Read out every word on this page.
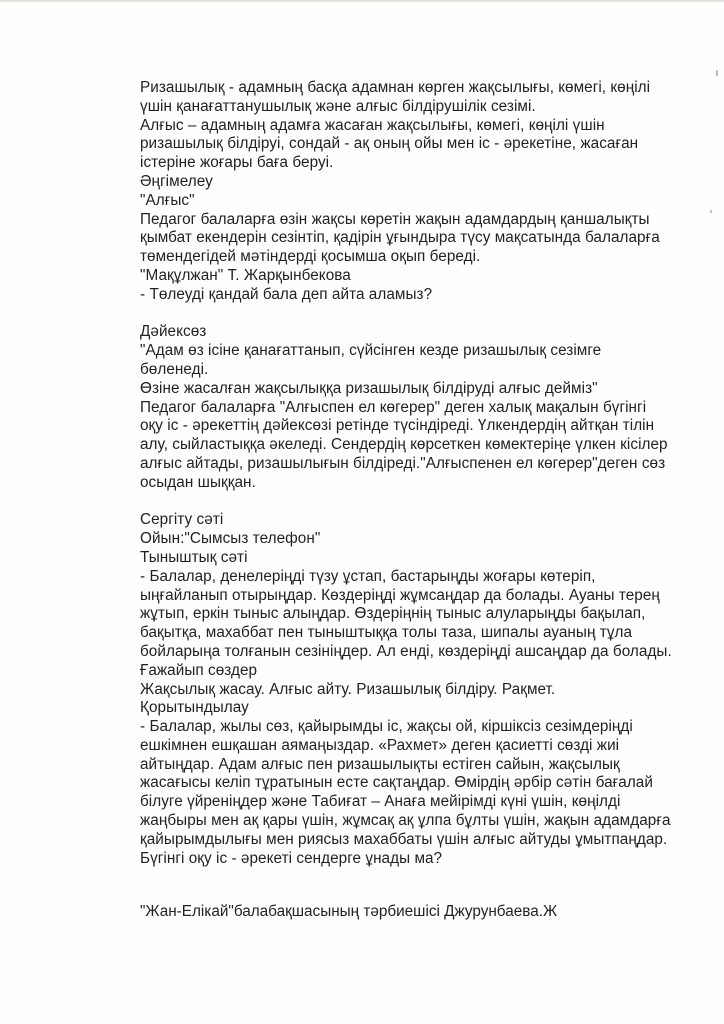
Ризашылық - адамның басқа адамнан көрген жақсылығы, көмегі, көңілі
үшін қанағаттанушылық және алғыс білдірушілік сезімі.
Алғыс – адамның адамға жасаған жақсылығы, көмегі, көңілі үшін
ризашылық білдіруі, сондай - ақ оның ойы мен іс - әрекетіне, жасаған
істеріне жоғары баға беруі.
Әңгімелеу
"Алғыс"
Педагог балаларға өзін жақсы көретін жақын адамдардың қаншалықты
қымбат екендерін сезінтіп, қадірін ұғындыра түсу мақсатында балаларға
төмендегідей мәтіндерді қосымша оқып береді.
"Мақұлжан" Т. Жарқынбекова
- Төлеуді қандай бала деп айта аламыз?
Дәйексөз
"Адам өз ісіне қанағаттанып, сүйсінген кезде ризашылық сезімге
бөленеді.
Өзіне жасалған жақсылыққа ризашылық білдіруді алғыс дейміз"
Педагог балаларға "Алғыспен ел көгерер" деген халық мақалын бүгінгі
оқу іс - әрекеттің дәйексөзі ретінде түсіндіреді. Үлкендердің айтқан тілін
алу, сыйластыққа әкеледі. Сендердің көрсеткен көмектеріңе үлкен кісілер
алғыс айтады, ризашылығын білдіреді."Алғыспенен ел көгерер"деген сөз
осыдан шыққан.
Сергіту сәті
Ойын:"Сымсыз телефон"
Тыныштық сәті
- Балалар, денелеріңді түзу ұстап, бастарыңды жоғары көтеріп,
ыңғайланып отырыңдар. Көздеріңді жұмсаңдар да болады. Ауаны терең
жұтып, еркін тыныс алыңдар. Өздеріңнің тыныс алуларыңды бақылап,
бақытқа, махаббат пен тыныштыққа толы таза, шипалы ауаның тұла
бойларыңа толғанын сезініңдер. Ал енді, көздеріңді ашсаңдар да болады.
Ғажайып сөздер
Жақсылық жасау. Алғыс айту. Ризашылық білдіру. Рақмет.
Қорытындылау
- Балалар, жылы сөз, қайырымды іс, жақсы ой, кіршіксіз сезімдеріңді
ешкімнен ешқашан аямаңыздар. «Рахмет» деген қасиетті сөзді жиі
айтыңдар. Адам алғыс пен ризашылықты естіген сайын, жақсылық
жасағысы келіп тұратынын есте сақтаңдар. Өмірдің әрбір сәтін бағалай
білуге үйреніңдер және Табиғат – Анаға мейірімді күні үшін, көңілді
жаңбыры мен ақ қары үшін, жұмсақ ақ ұлпа бұлты үшін, жақын адамдарға
қайырымдылығы мен риясыз махаббаты үшін алғыс айтуды ұмытпаңдар.
Бүгінгі оқу іс - әрекеті сендерге ұнады ма?
"Жан-Елікай"балабақшасының тәрбиешісі Джурунбаева.Ж
